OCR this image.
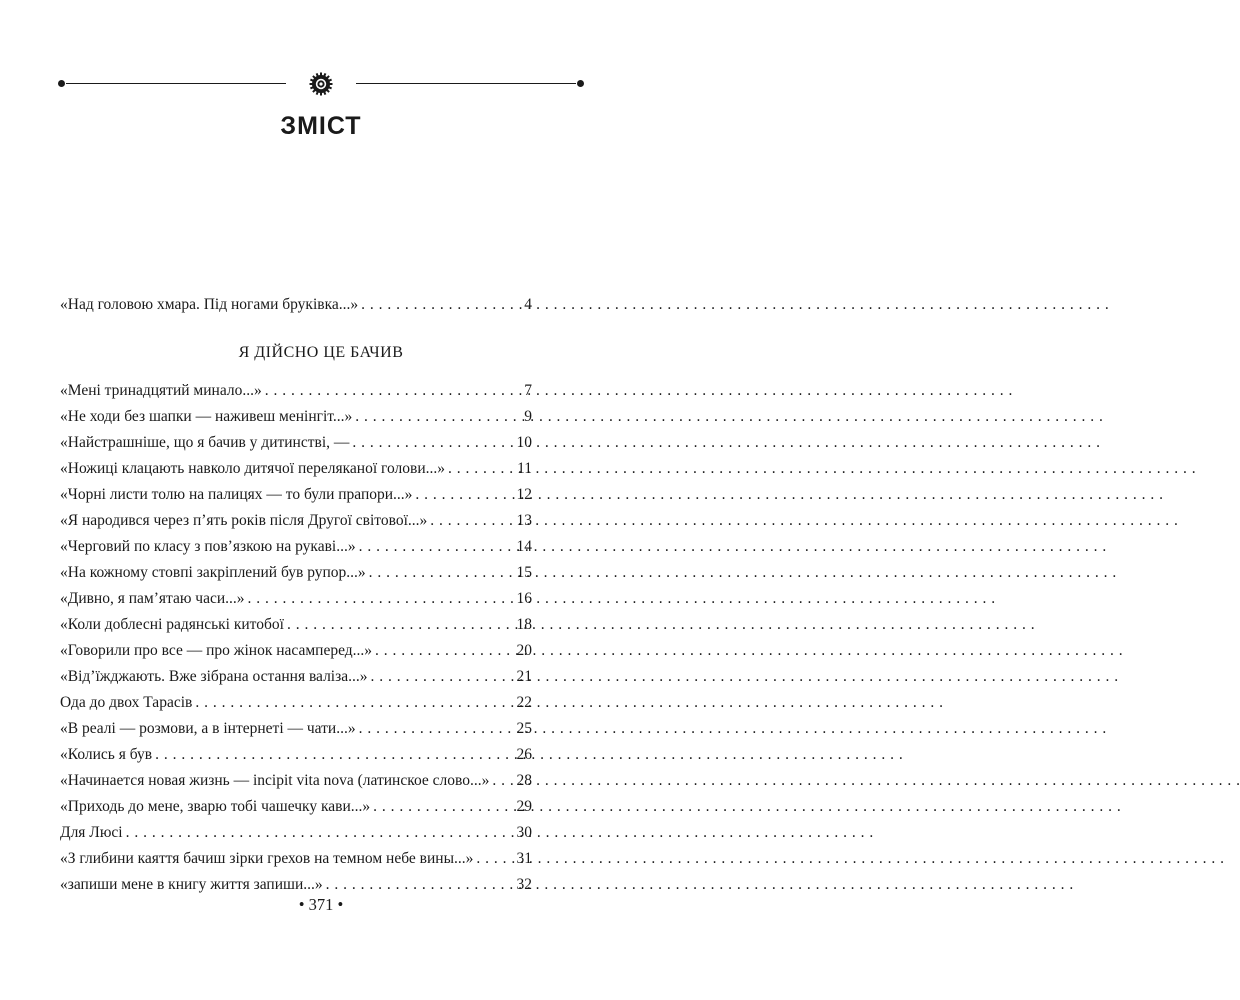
ЗМІСТ
«Над головою хмара. Під ногами бруківка...» . . .	4
Я ДІЙСНО ЦЕ БАЧИВ
«Мені тринадцятий минало...» . . .	7
«Не ходи без шапки — наживеш менінгіт...» . . .	9
«Найстрашніше, що я бачив у дитинстві, — . . .	10
«Ножиці клацають навколо дитячої переляканої голови...» . . .	11
«Чорні листи толю на палицях — то були прапори...» . . .	12
«Я народився через п’ять років після Другої світової...» . . .	13
«Черговий по класу з пов’язкою на рукаві...» . . .	14
«На кожному стовпі закріплений був рупор...» . . .	15
«Дивно, я пам’ятаю часи...» . . .	16
«Коли доблесні радянські китобої . . .	18
«Говорили про все — про жінок насамперед...» . . .	20
«Від’їжджають. Вже зібрана остання валіза...» . . .	21
Ода до двох Тарасів . . .	22
«В реалі — розмови, а в інтернеті — чати...» . . .	25
«Колись я був . . .	26
«Начинается новая жизнь — incipit vita nova (латинское слово...» . . . 28
«Приходь до мене, зварю тобі чашечку кави...» . . .	29
Для Люсі . . .	30
«З глибини каяття бачиш зірки грехов на темном небе вины...» . . .	31
«запиши мене в книгу життя запиши...» . . .	32
• 371 •
